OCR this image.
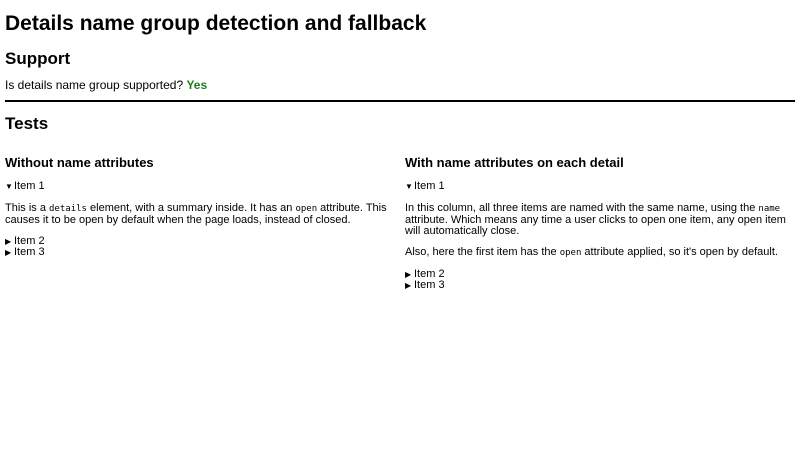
Details name group detection and fallback
Support
Is details name group supported? Yes
Tests
Without name attributes
▼Item 1

This is a details element, with a summary inside. It has an open attribute. This causes it to be open by default when the page loads, instead of closed.

▶ Item 2
▶ Item 3
With name attributes on each detail
▼Item 1

In this column, all three items are named with the same name, using the name attribute. Which means any time a user clicks to open one item, any open item will automatically close.

Also, here the first item has the open attribute applied, so it's open by default.

▶ Item 2
▶ Item 3
